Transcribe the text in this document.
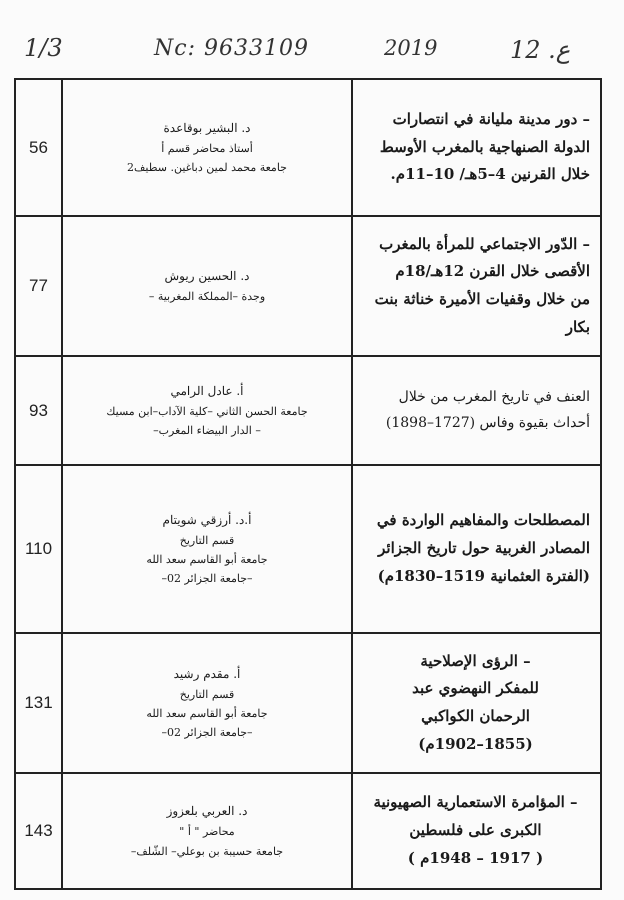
1/3	Nc: 9633109	2019	ع. 12
56	د. البشير بوقاعدة
أستاذ محاضر قسم أ
جامعة محمد لمين دباغين. سطيف2	– دور مدينة مليانة في انتصارات
الدولة الصنهاجية بالمغرب الأوسط
خلال القرنين 4–5هـ/ 10–11م.

77	د. الحسين ريوش
وجدة –المملكة المغربية –	– الدّور الاجتماعي للمرأة بالمغرب
الأقصى خلال القرن 12هـ/18م
من خلال وقفيات الأميرة خناثة بنت
بكار

93	أ. عادل الرامي
جامعة الحسن الثاني –كلية الآداب–ابن مسيك
– الدار البيضاء المغرب–	العنف في تاريخ المغرب من خلال
أحداث بقيوة وفاس (1727–1898)

110	أ.د. أرزقي شويتام
قسم التاريخ
جامعة أبو القاسم سعد الله
–جامعة الجزائر 02–	المصطلحات والمفاهيم الواردة في
المصادر الغربية حول تاريخ الجزائر
(الفترة العثمانية 1519–1830م)

131	أ. مقدم رشيد
قسم التاريخ
جامعة أبو القاسم سعد الله
–جامعة الجزائر 02–	– الرؤى الإصلاحية
للمفكر النهضوي عبد
الرحمان الكواكبي
(1855–1902م)

143	د. العربي بلعزوز
محاضر " أ "
جامعة حسيبة بن بوعلي– الشّلف–	– المؤامرة الاستعمارية الصهيونية
الكبرى على فلسطين
( 1917 – 1948م )
